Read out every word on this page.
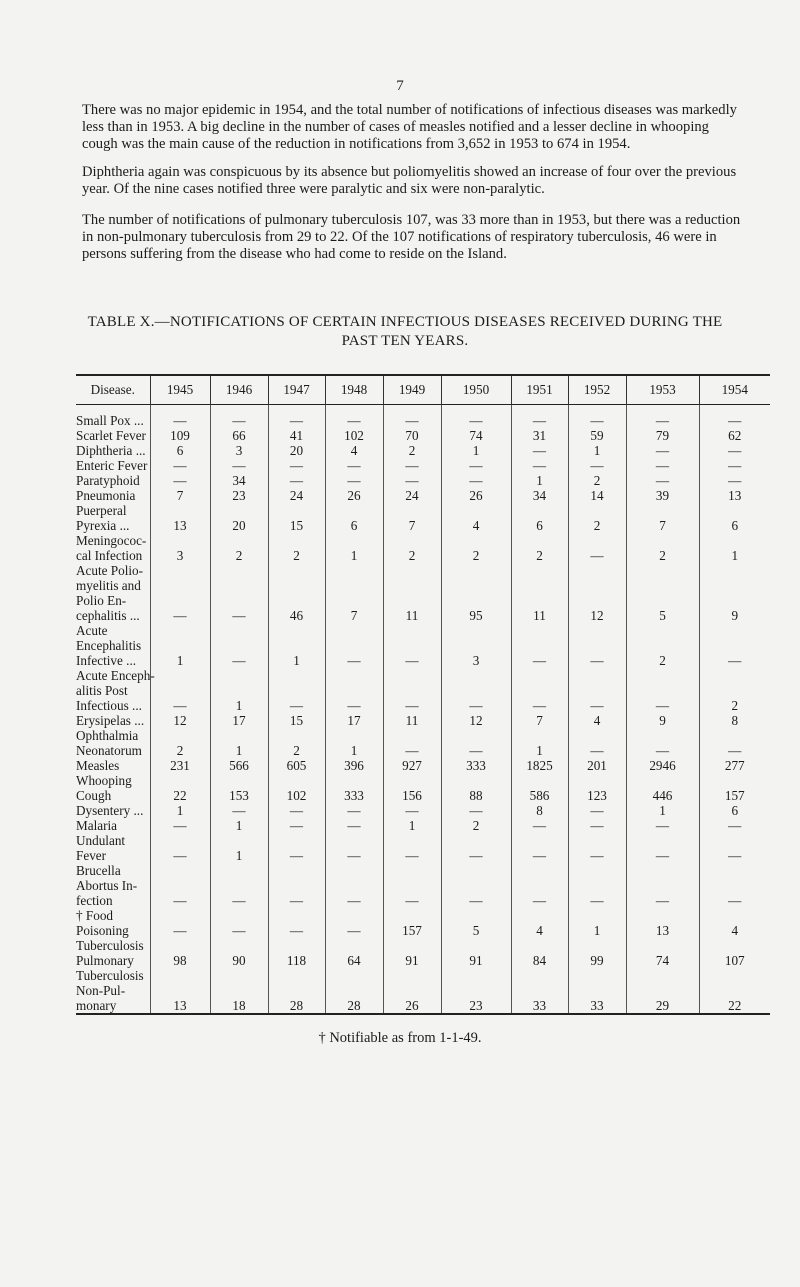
7

There was no major epidemic in 1954, and the total number of notifications of infectious diseases was markedly less than in 1953. A big decline in the number of cases of measles notified and a lesser decline in whooping cough was the main cause of the reduction in notifications from 3,652 in 1953 to 674 in 1954.

Diphtheria again was conspicuous by its absence but poliomyelitis showed an increase of four over the previous year. Of the nine cases notified three were paralytic and six were non-paralytic.

The number of notifications of pulmonary tuberculosis 107, was 33 more than in 1953, but there was a reduction in non-pulmonary tuberculosis from 29 to 22. Of the 107 notifications of respiratory tuberculosis, 46 were in persons suffering from the disease who had come to reside on the Island.

TABLE X.—NOTIFICATIONS OF CERTAIN INFECTIOUS DISEASES RECEIVED DURING THE
PAST TEN YEARS.
Disease.	1945	1946	1947	1948	1949	1950	1951	1952	1953	1954

Small Pox ...	—	—	—	—	—	—	—	—	—	—

Scarlet Fever	109	66	41	102	70	74	31	59	79	62

Diphtheria ...	6	3	20	4	2	1	—	1	—	—

Enteric Fever	—	—	—	—	—	—	—	—	—	—

Paratyphoid	—	34	—	—	—	—	1	2	—	—

Pneumonia	7	23	24	26	24	26	34	14	39	13

Puerperal
Pyrexia ...	13	20	15	6	7	4	6	2	7	6

Meningococ-
cal Infection	3	2	2	1	2	2	2	—	2	1

Acute Polio-
myelitis and
Polio En-
cephalitis ...	—	—	46	7	11	95	11	12	5	9

Acute
Encephalitis
Infective ...	1	—	1	—	—	3	—	—	2	—

Acute Enceph-
alitis Post
Infectious ...	—	1	—	—	—	—	—	—	—	2

Erysipelas ...	12	17	15	17	11	12	7	4	9	8

Ophthalmia
Neonatorum	2	1	2	1	—	—	1	—	—	—

Measles	231	566	605	396	927	333	1825	201	2946	277

Whooping
Cough	22	153	102	333	156	88	586	123	446	157

Dysentery ...	1	—	—	—	—	—	8	—	1	6

Malaria	—	1	—	—	1	2	—	—	—	—

Undulant
Fever	—	1	—	—	—	—	—	—	—	—

Brucella
Abortus In-
fection	—	—	—	—	—	—	—	—	—	—

† Food
Poisoning	—	—	—	—	157	5	4	1	13	4

Tuberculosis
Pulmonary	98	90	118	64	91	91	84	99	74	107

Tuberculosis
Non-Pul-
monary	13	18	28	28	26	23	33	33	29	22
† Notifiable as from 1-1-49.
